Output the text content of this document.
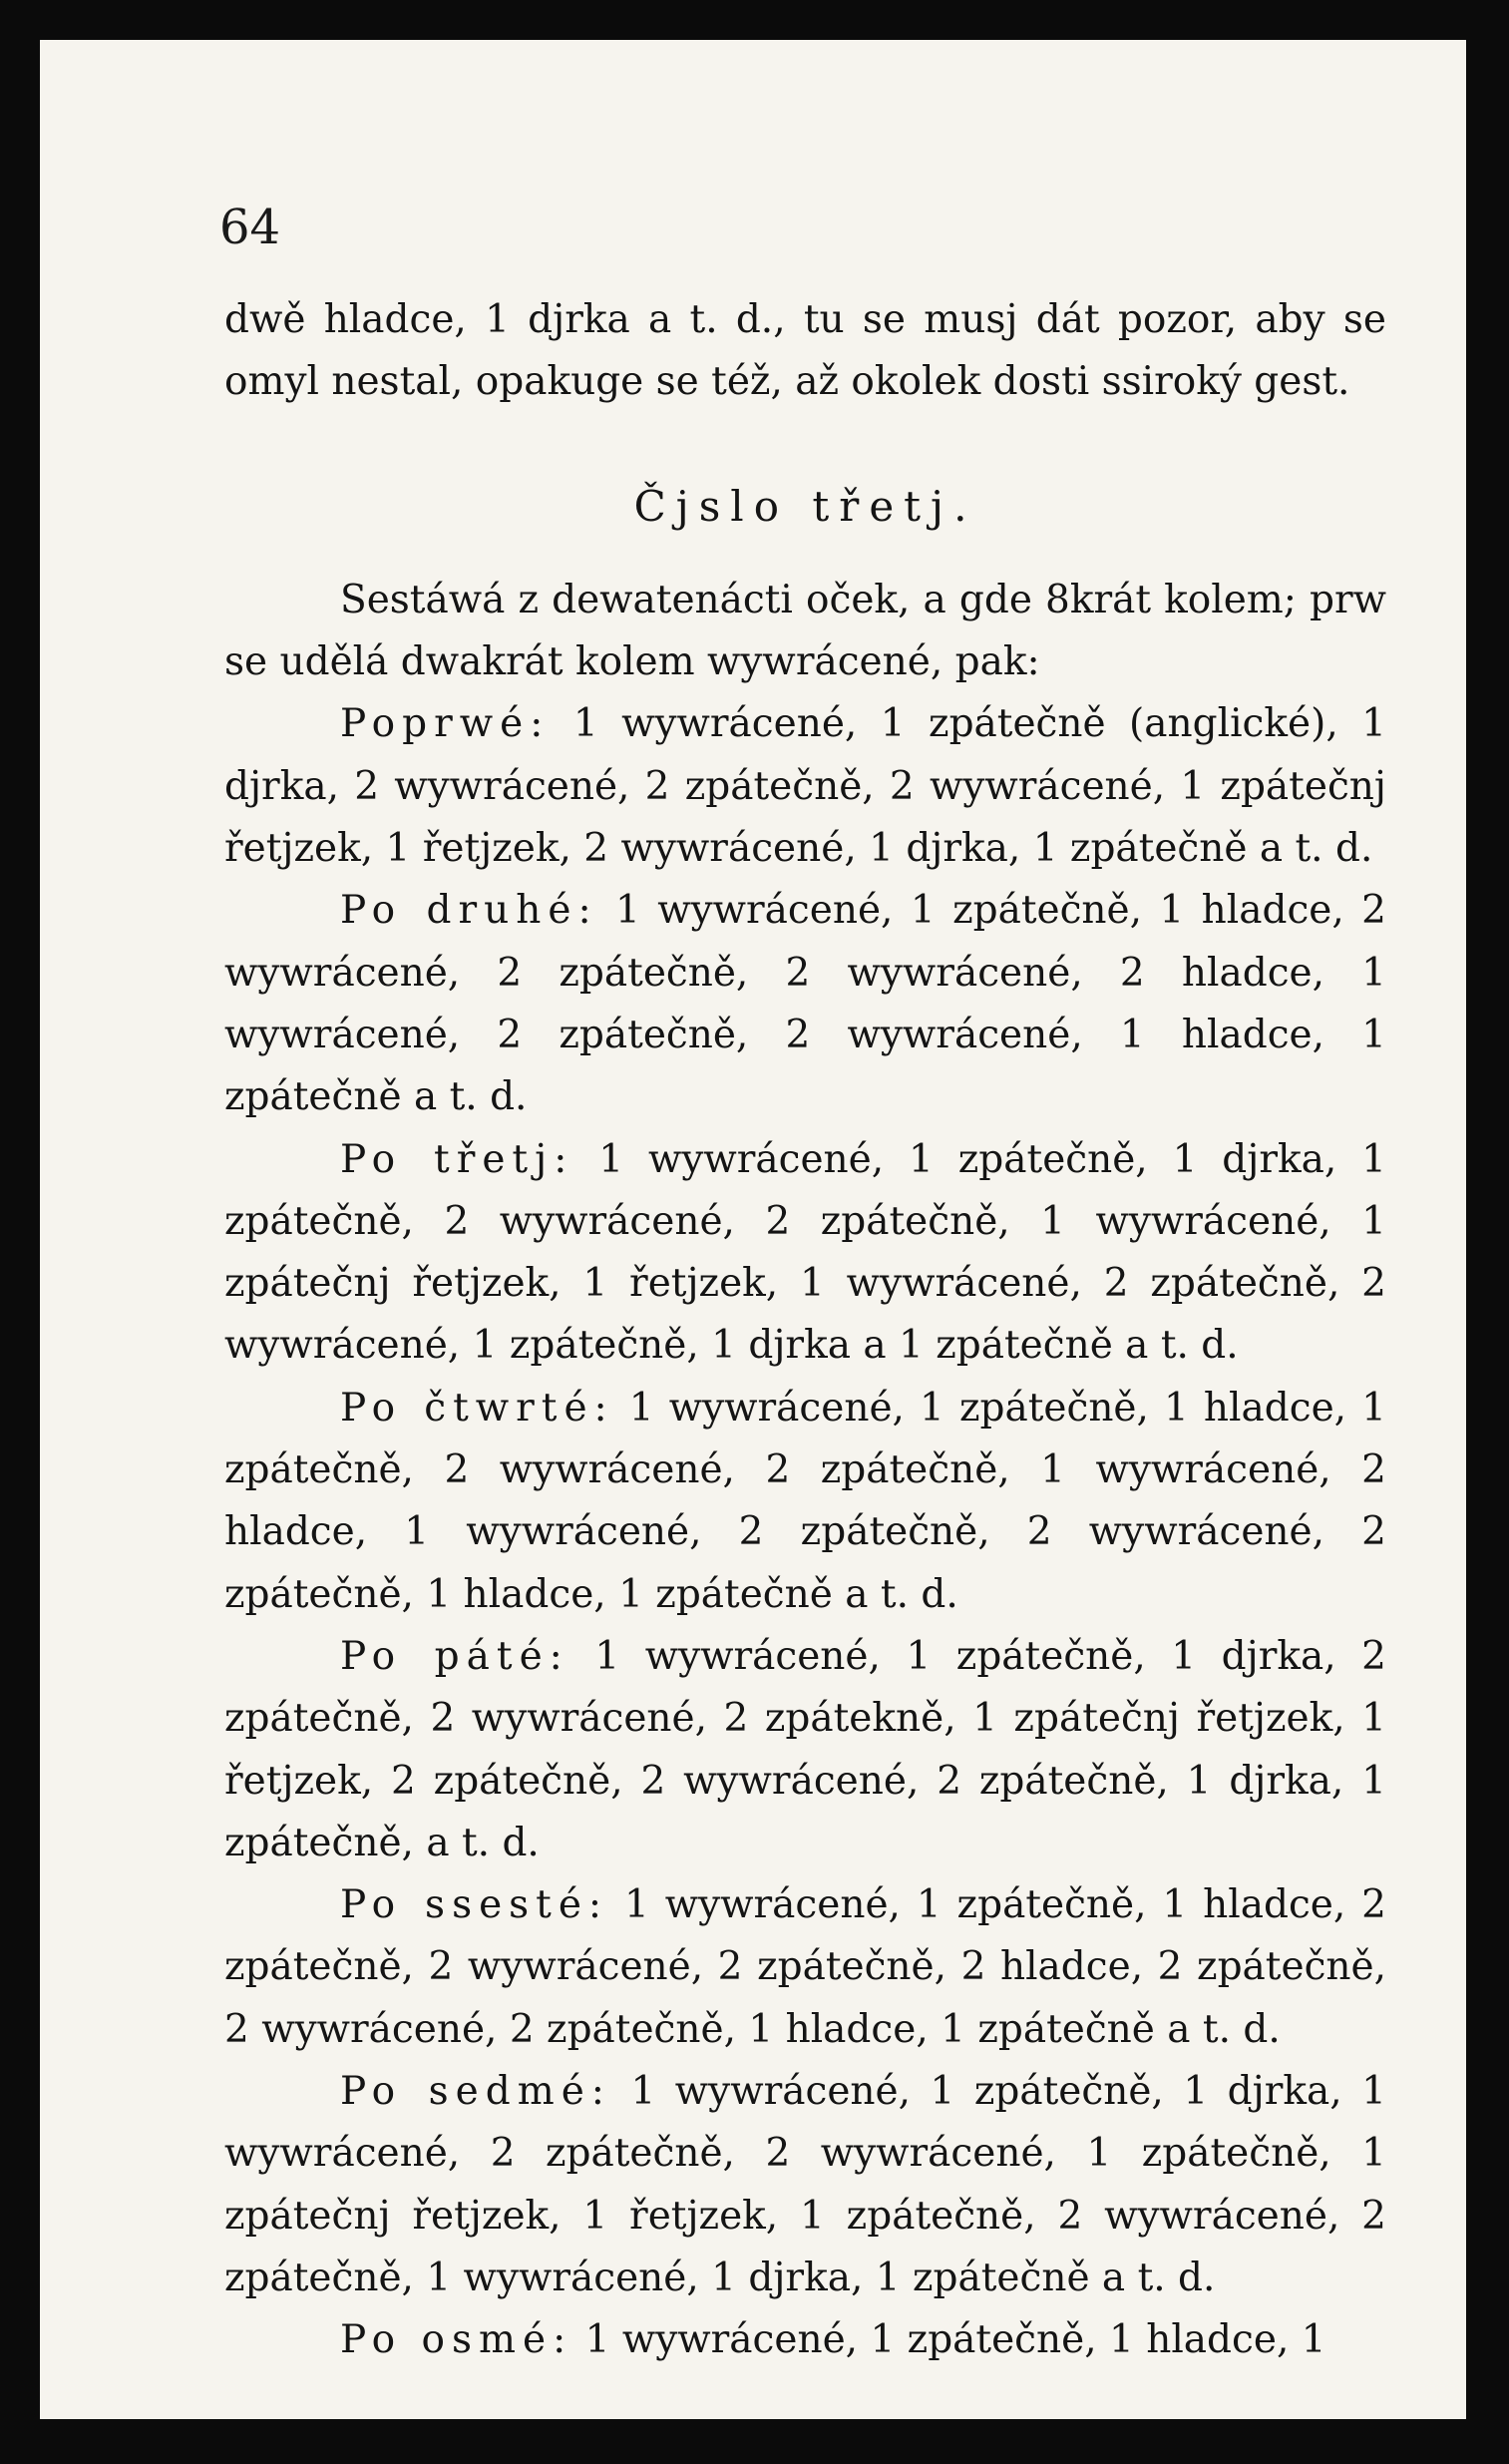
64

dwě hladce, 1 djrka a t. d., tu se musj dát pozor, aby se omyl nestal, opakuge se též, až okolek dosti ssiroký gest.

Čjslo třetj.

Sestáwá z dewatenácti oček, a gde 8krát kolem; prw se udělá dwakrát kolem wywrácené, pak:

Poprwé: 1 wywrácené, 1 zpátečně (anglické), 1 djrka, 2 wywrácené, 2 zpátečně, 2 wywrácené, 1 zpátečnj řetjzek, 1 řetjzek, 2 wywrácené, 1 djrka, 1 zpátečně a t. d.

Po druhé: 1 wywrácené, 1 zpátečně, 1 hladce, 2 wywrácené, 2 zpátečně, 2 wywrácené, 2 hladce, 1 wywrácené, 2 zpátečně, 2 wywrácené, 1 hladce, 1 zpátečně a t. d.

Po třetj: 1 wywrácené, 1 zpátečně, 1 djrka, 1 zpátečně, 2 wywrácené, 2 zpátečně, 1 wywrácené, 1 zpátečnj řetjzek, 1 řetjzek, 1 wywrácené, 2 zpátečně, 2 wywrácené, 1 zpátečně, 1 djrka a 1 zpátečně a t. d.

Po čtwrté: 1 wywrácené, 1 zpátečně, 1 hladce, 1 zpátečně, 2 wywrácené, 2 zpátečně, 1 wywrácené, 2 hladce, 1 wywrácené, 2 zpátečně, 2 wywrácené, 2 zpátečně, 1 hladce, 1 zpátečně a t. d.

Po páté: 1 wywrácené, 1 zpátečně, 1 djrka, 2 zpátečně, 2 wywrácené, 2 zpátekně, 1 zpátečnj řetjzek, 1 řetjzek, 2 zpátečně, 2 wywrácené, 2 zpátečně, 1 djrka, 1 zpátečně, a t. d.

Po ssesté: 1 wywrácené, 1 zpátečně, 1 hladce, 2 zpátečně, 2 wywrácené, 2 zpátečně, 2 hladce, 2 zpátečně, 2 wywrácené, 2 zpátečně, 1 hladce, 1 zpátečně a t. d.

Po sedmé: 1 wywrácené, 1 zpátečně, 1 djrka, 1 wywrácené, 2 zpátečně, 2 wywrácené, 1 zpátečně, 1 zpátečnj řetjzek, 1 řetjzek, 1 zpátečně, 2 wywrácené, 2 zpátečně, 1 wywrácené, 1 djrka, 1 zpátečně a t. d.

Po osmé: 1 wywrácené, 1 zpátečně, 1 hladce, 1
